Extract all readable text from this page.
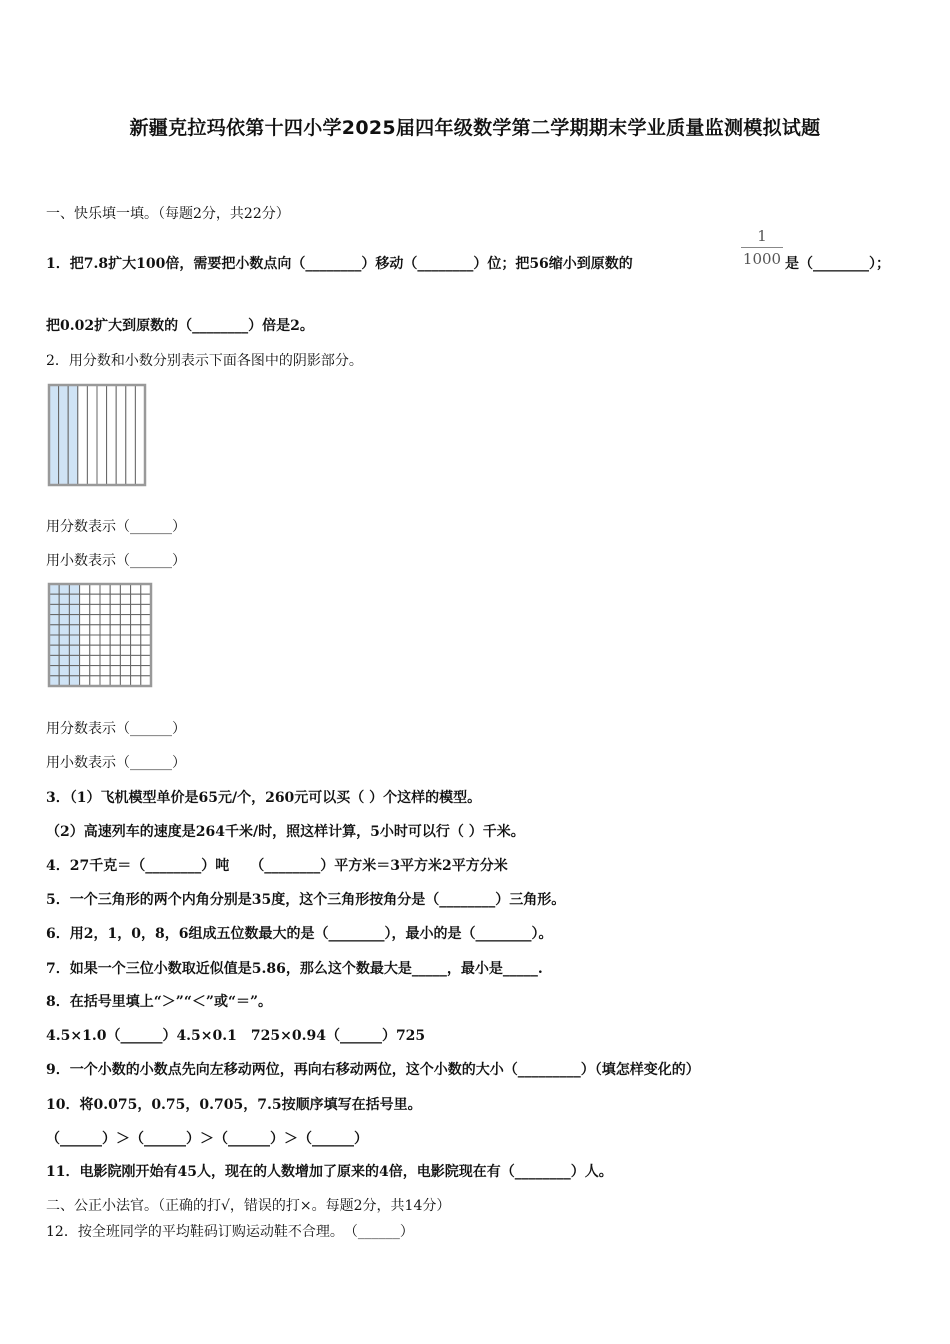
新疆克拉玛依第十四小学2025届四年级数学第二学期期末学业质量监测模拟试题
一、快乐填一填。（每题2分，共22分）
1．把7.8扩大100倍，需要把小数点向（________）移动（________）位；把56缩小到原数的
1
1000 是（________）；
把0.02扩大到原数的（________）倍是2。
2．用分数和小数分别表示下面各图中的阴影部分。
用分数表示（______）
用小数表示（______）
用分数表示（______）
用小数表示（______）
3．（1）飞机模型单价是65元/个，260元可以买（ ）个这样的模型。
（2）高速列车的速度是264千米/时，照这样计算，5小时可以行（ ）千米。
4．27千克＝（________）吨　　（________）平方米＝3平方米2平方分米
5．一个三角形的两个内角分别是35度，这个三角形按角分是（________）三角形。
6．用2，1，0，8，6组成五位数最大的是（________），最小的是（________）。
7．如果一个三位小数取近似值是5.86，那么这个数最大是_____，最小是_____.
8．在括号里填上“＞”“＜”或“＝”。
4.5×1.0（______）4.5×0.1　725×0.94（______）725
9．一个小数的小数点先向左移动两位，再向右移动两位，这个小数的大小（_________）（填怎样变化的）
10．将0.075，0.75，0.705，7.5按顺序填写在括号里。
（______）＞（______）＞（______）＞（______）
11．电影院刚开始有45人，现在的人数增加了原来的4倍，电影院现在有（________）人。
二、公正小法官。（正确的打√，错误的打×。每题2分，共14分）
12．按全班同学的平均鞋码订购运动鞋不合理。　（______）
